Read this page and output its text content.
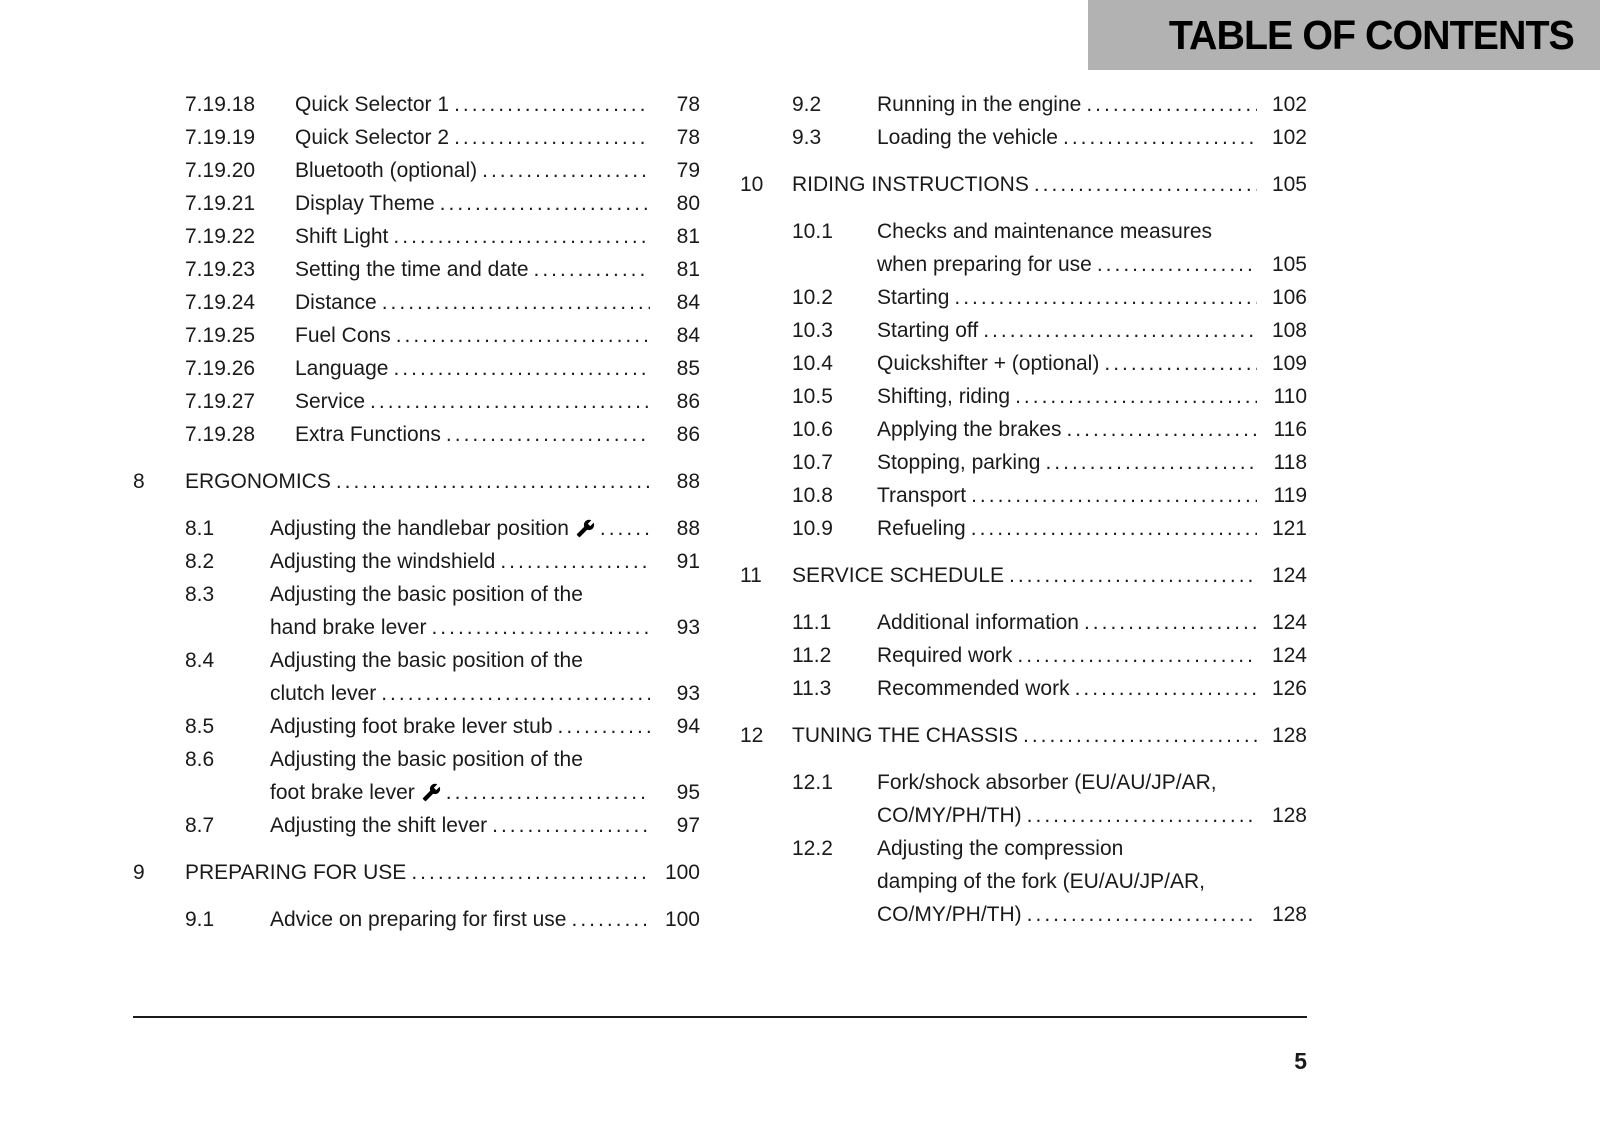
TABLE OF CONTENTS
7.19.18	Quick Selector 1 .....	78
7.19.19	Quick Selector 2 .....	78
7.19.20	Bluetooth (optional) .....	79
7.19.21	Display Theme .....	80
7.19.22	Shift Light .....	81
7.19.23	Setting the time and date .....	81
7.19.24	Distance .....	84
7.19.25	Fuel Cons .....	84
7.19.26	Language .....	85
7.19.27	Service .....	86
7.19.28	Extra Functions .....	86
8	ERGONOMICS .....	88
8.1	Adjusting the handlebar position .....	88
8.2	Adjusting the windshield .....	91
8.3	Adjusting the basic position of the
hand brake lever .....	93
8.4	Adjusting the basic position of the
clutch lever .....	93
8.5	Adjusting foot brake lever stub .....	94
8.6	Adjusting the basic position of the
foot brake lever .....	95
8.7	Adjusting the shift lever .....	97
9	PREPARING FOR USE .....	100
9.1	Advice on preparing for first use .....	100
9.2	Running in the engine .....	102
9.3	Loading the vehicle .....	102
10	RIDING INSTRUCTIONS .....	105
10.1	Checks and maintenance measures
when preparing for use .....	105
10.2	Starting .....	106
10.3	Starting off .....	108
10.4	Quickshifter + (optional) .....	109
10.5	Shifting, riding .....	110
10.6	Applying the brakes .....	116
10.7	Stopping, parking .....	118
10.8	Transport .....	119
10.9	Refueling .....	121
11	SERVICE SCHEDULE .....	124
11.1	Additional information .....	124
11.2	Required work .....	124
11.3	Recommended work .....	126
12	TUNING THE CHASSIS .....	128
12.1	Fork/shock absorber (EU/AU/JP/AR,
CO/MY/PH/TH) .....	128
12.2	Adjusting the compression
damping of the fork (EU/AU/JP/AR,
CO/MY/PH/TH) .....	128
5
